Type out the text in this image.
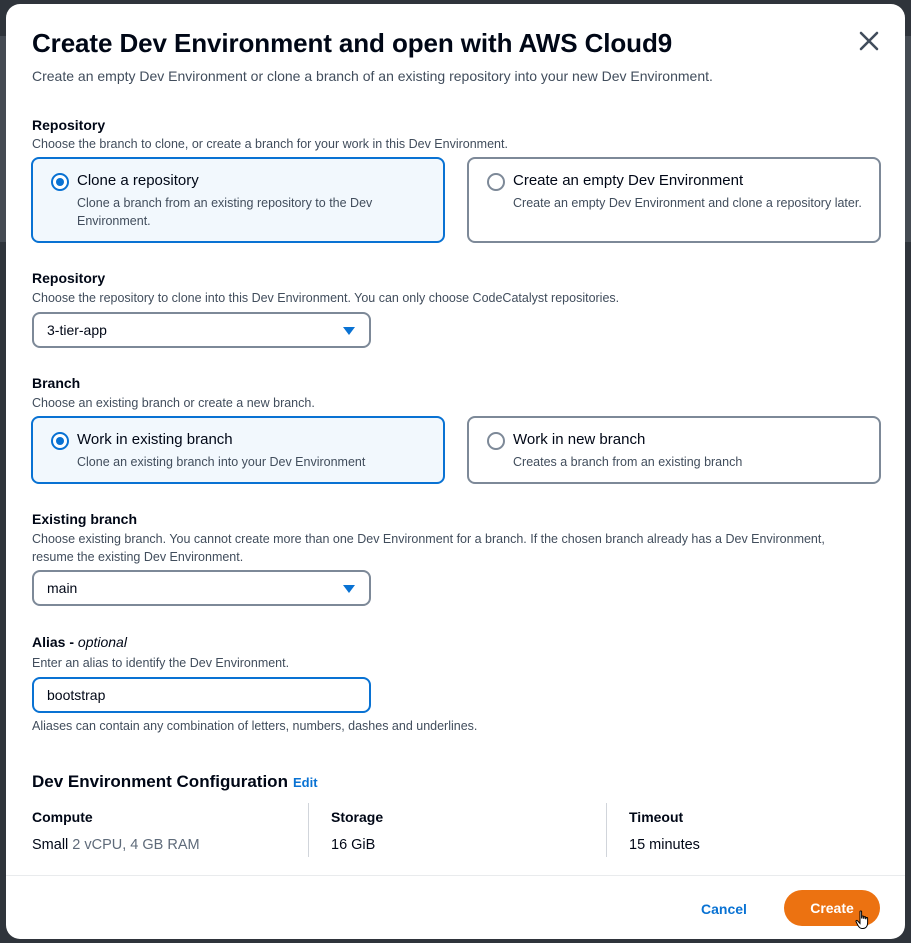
Create Dev Environment and open with AWS Cloud9
Create an empty Dev Environment or clone a branch of an existing repository into your new Dev Environment.
Repository
Choose the branch to clone, or create a branch for your work in this Dev Environment.
Clone a repository
Clone a branch from an existing repository to the Dev Environment.
Create an empty Dev Environment
Create an empty Dev Environment and clone a repository later.
Repository
Choose the repository to clone into this Dev Environment. You can only choose CodeCatalyst repositories.
3-tier-app
Branch
Choose an existing branch or create a new branch.
Work in existing branch
Clone an existing branch into your Dev Environment
Work in new branch
Creates a branch from an existing branch
Existing branch
Choose existing branch. You cannot create more than one Dev Environment for a branch. If the chosen branch already has a Dev Environment, resume the existing Dev Environment.
main
Alias - optional
Enter an alias to identify the Dev Environment.
bootstrap
Aliases can contain any combination of letters, numbers, dashes and underlines.
Dev Environment Configuration Edit
Compute
Small 2 vCPU, 4 GB RAM
Storage
16 GiB
Timeout
15 minutes
Cancel	Create
